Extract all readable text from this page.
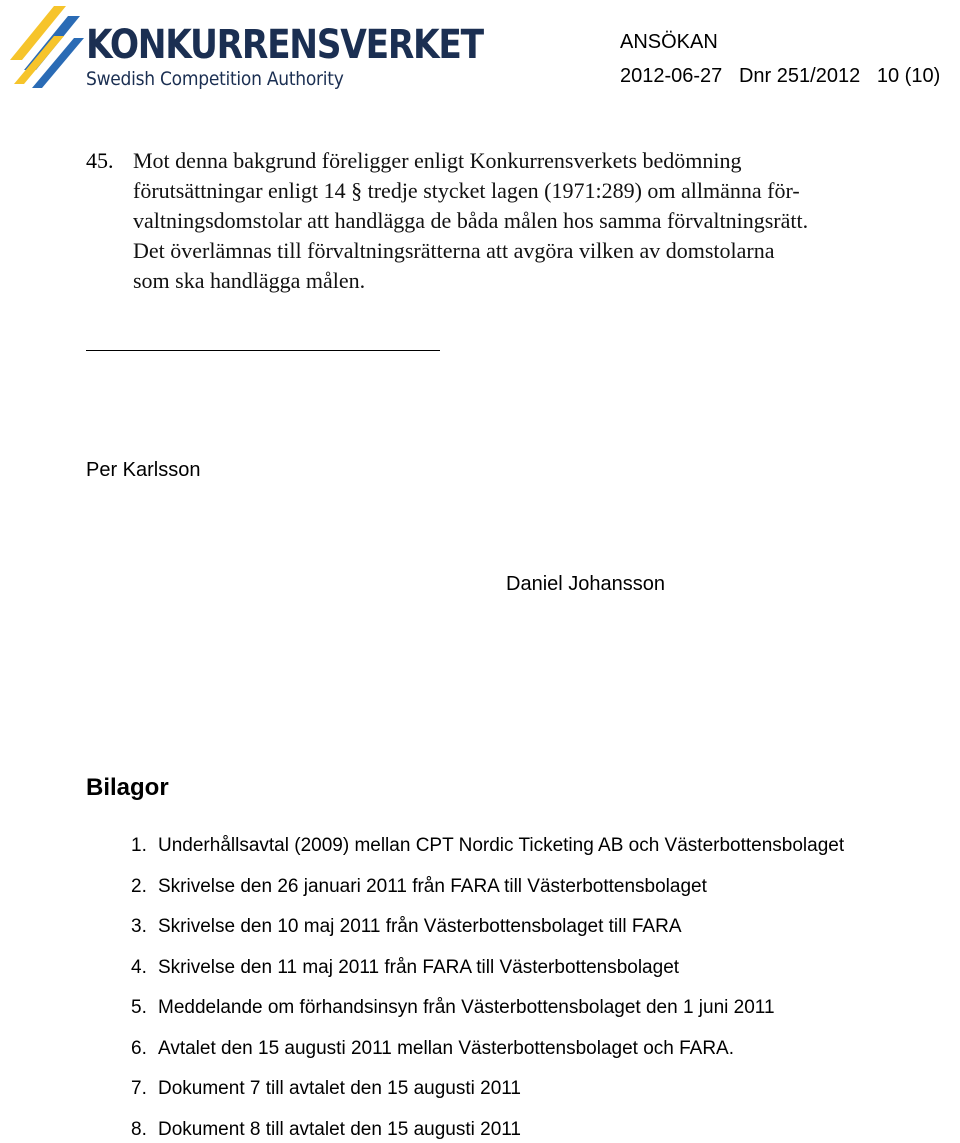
KONKURRENSVERKET
Swedish Competition Authority
ANSÖKAN
2012-06-27 Dnr 251/2012 10 (10)
45. Mot denna bakgrund föreligger enligt Konkurrensverkets bedömning
förutsättningar enligt 14 § tredje stycket lagen (1971:289) om allmänna för-
valtningsdomstolar att handlägga de båda målen hos samma förvaltningsrätt.
Det överlämnas till förvaltningsrätterna att avgöra vilken av domstolarna
som ska handlägga målen.
Per Karlsson
Daniel Johansson
Bilagor
1. Underhållsavtal (2009) mellan CPT Nordic Ticketing AB och Västerbottensbolaget
2. Skrivelse den 26 januari 2011 från FARA till Västerbottensbolaget
3. Skrivelse den 10 maj 2011 från Västerbottensbolaget till FARA
4. Skrivelse den 11 maj 2011 från FARA till Västerbottensbolaget
5. Meddelande om förhandsinsyn från Västerbottensbolaget den 1 juni 2011
6. Avtalet den 15 augusti 2011 mellan Västerbottensbolaget och FARA.
7. Dokument 7 till avtalet den 15 augusti 2011
8. Dokument 8 till avtalet den 15 augusti 2011
